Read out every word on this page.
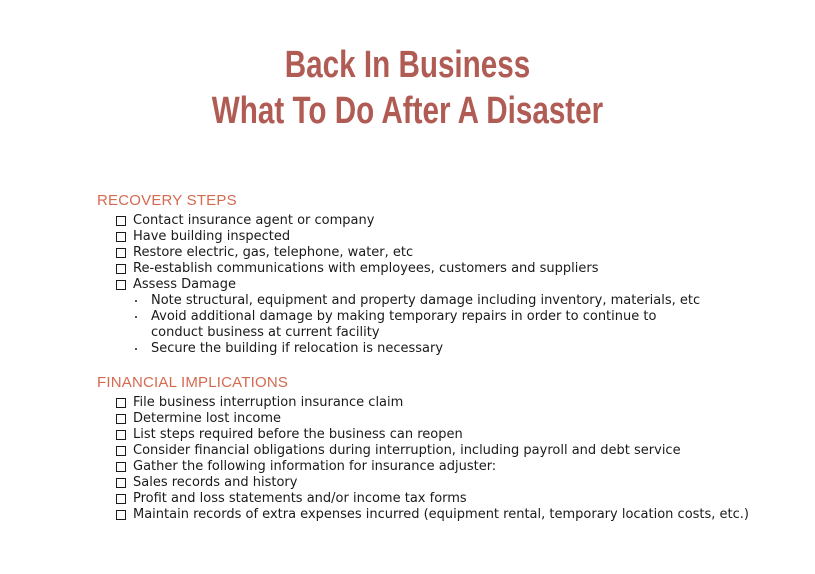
Back In Business
What To Do After A Disaster
RECOVERY STEPS
Contact insurance agent or company
Have building inspected
Restore electric, gas, telephone, water, etc
Re-establish communications with employees, customers and suppliers
Assess Damage
Note structural, equipment and property damage including inventory, materials, etc
Avoid additional damage by making temporary repairs in order to continue to conduct business at current facility
Secure the building if relocation is necessary
FINANCIAL IMPLICATIONS
File business interruption insurance claim
Determine lost income
List steps required before the business can reopen
Consider financial obligations during interruption, including payroll and debt service
Gather the following information for insurance adjuster:
Sales records and history
Profit and loss statements and/or income tax forms
Maintain records of extra expenses incurred (equipment rental, temporary location costs, etc.)
